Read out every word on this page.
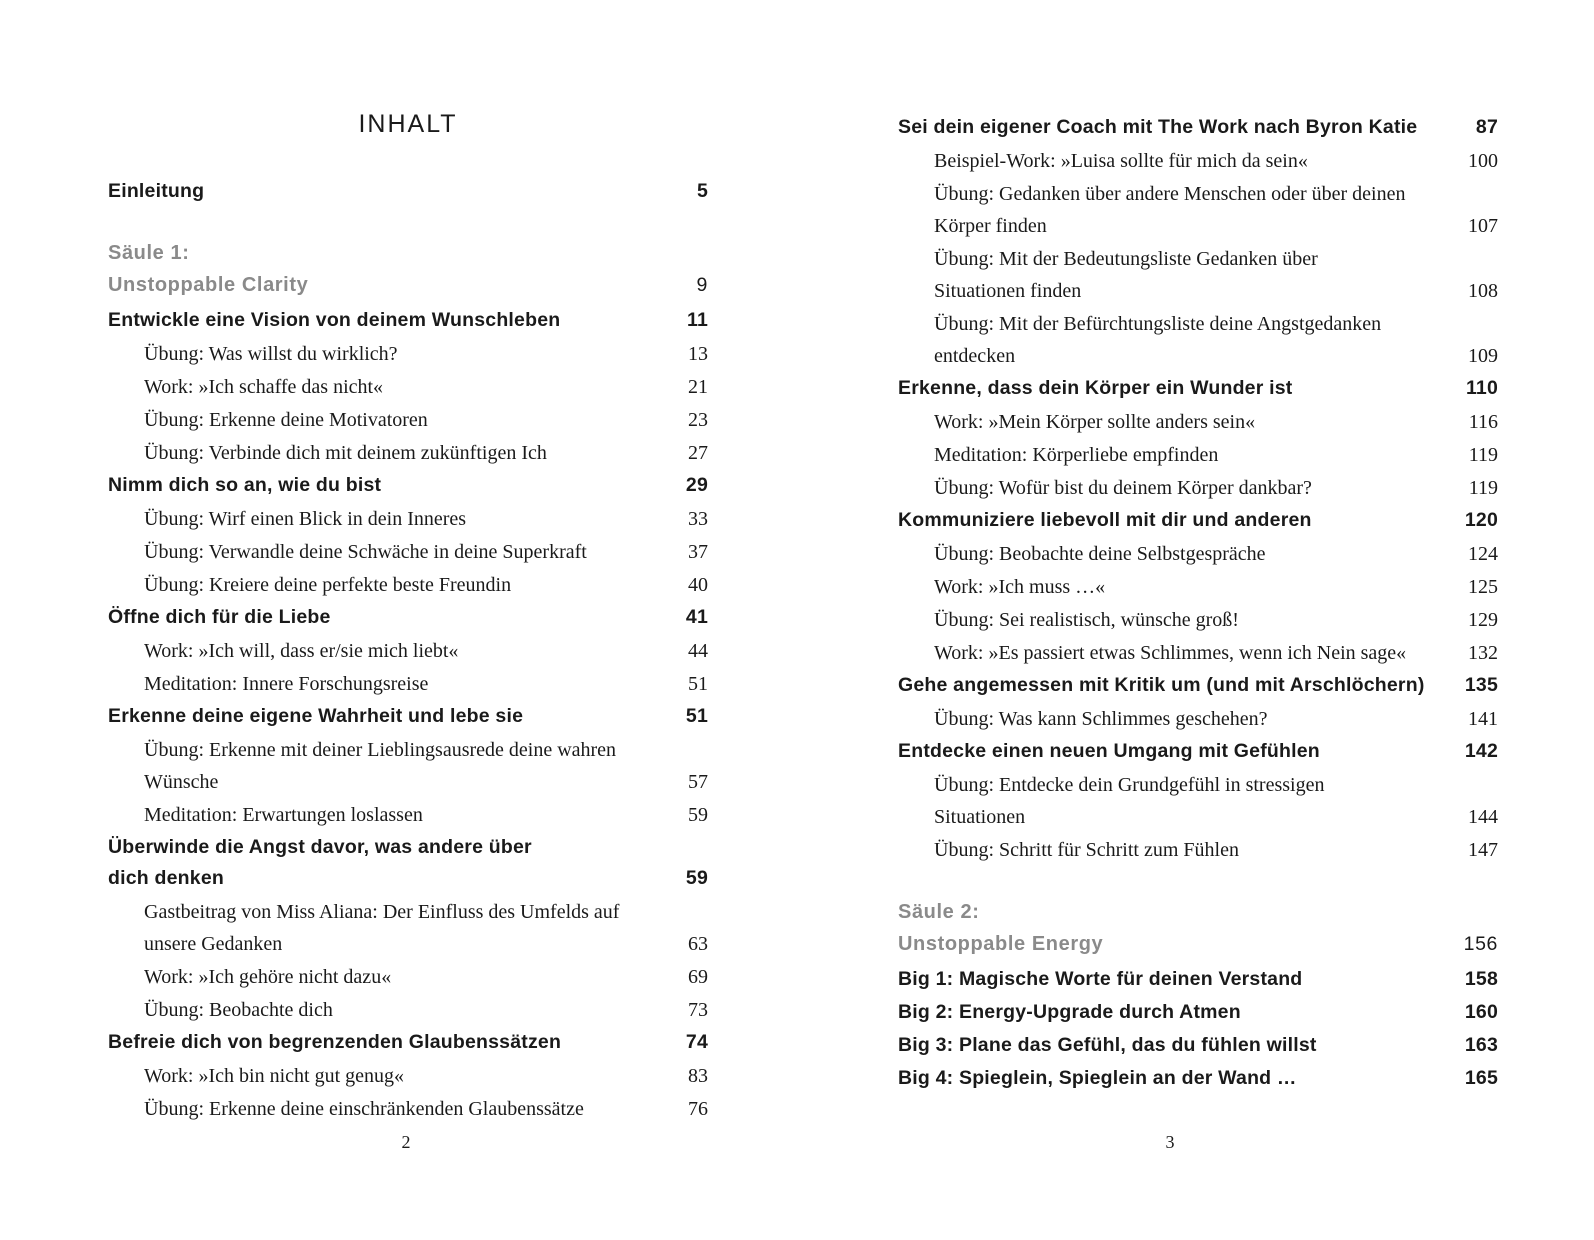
INHALT
Einleitung	5
Säule 1:
Unstoppable Clarity	9
Entwickle eine Vision von deinem Wunschleben	11
Übung: Was willst du wirklich?	13
Work: »Ich schaffe das nicht«	21
Übung: Erkenne deine Motivatoren	23
Übung: Verbinde dich mit deinem zukünftigen Ich	27
Nimm dich so an, wie du bist	29
Übung: Wirf einen Blick in dein Inneres	33
Übung: Verwandle deine Schwäche in deine Superkraft	37
Übung: Kreiere deine perfekte beste Freundin	40
Öffne dich für die Liebe	41
Work: »Ich will, dass er/sie mich liebt«	44
Meditation: Innere Forschungsreise	51
Erkenne deine eigene Wahrheit und lebe sie	51
Übung: Erkenne mit deiner Lieblingsausrede deine wahren
Wünsche	57
Meditation: Erwartungen loslassen	59
Überwinde die Angst davor, was andere über
dich denken	59
Gastbeitrag von Miss Aliana: Der Einfluss des Umfelds auf
unsere Gedanken	63
Work: »Ich gehöre nicht dazu«	69
Übung: Beobachte dich	73
Befreie dich von begrenzenden Glaubenssätzen	74
Work: »Ich bin nicht gut genug«	83
Übung: Erkenne deine einschränkenden Glaubenssätze	76
2
Sei dein eigener Coach mit The Work nach Byron Katie	87
Beispiel-Work: »Luisa sollte für mich da sein«	100
Übung: Gedanken über andere Menschen oder über deinen
Körper finden	107
Übung: Mit der Bedeutungsliste Gedanken über
Situationen finden	108
Übung: Mit der Befürchtungsliste deine Angstgedanken
entdecken	109
Erkenne, dass dein Körper ein Wunder ist	110
Work: »Mein Körper sollte anders sein«	116
Meditation: Körperliebe empfinden	119
Übung: Wofür bist du deinem Körper dankbar?	119
Kommuniziere liebevoll mit dir und anderen	120
Übung: Beobachte deine Selbstgespräche	124
Work: »Ich muss …«	125
Übung: Sei realistisch, wünsche groß!	129
Work: »Es passiert etwas Schlimmes, wenn ich Nein sage«	132
Gehe angemessen mit Kritik um (und mit Arschlöchern)	135
Übung: Was kann Schlimmes geschehen?	141
Entdecke einen neuen Umgang mit Gefühlen	142
Übung: Entdecke dein Grundgefühl in stressigen
Situationen	144
Übung: Schritt für Schritt zum Fühlen	147
Säule 2:
Unstoppable Energy	156
Big 1: Magische Worte für deinen Verstand	158
Big 2: Energy-Upgrade durch Atmen	160
Big 3: Plane das Gefühl, das du fühlen willst	163
Big 4: Spieglein, Spieglein an der Wand …	165
3
